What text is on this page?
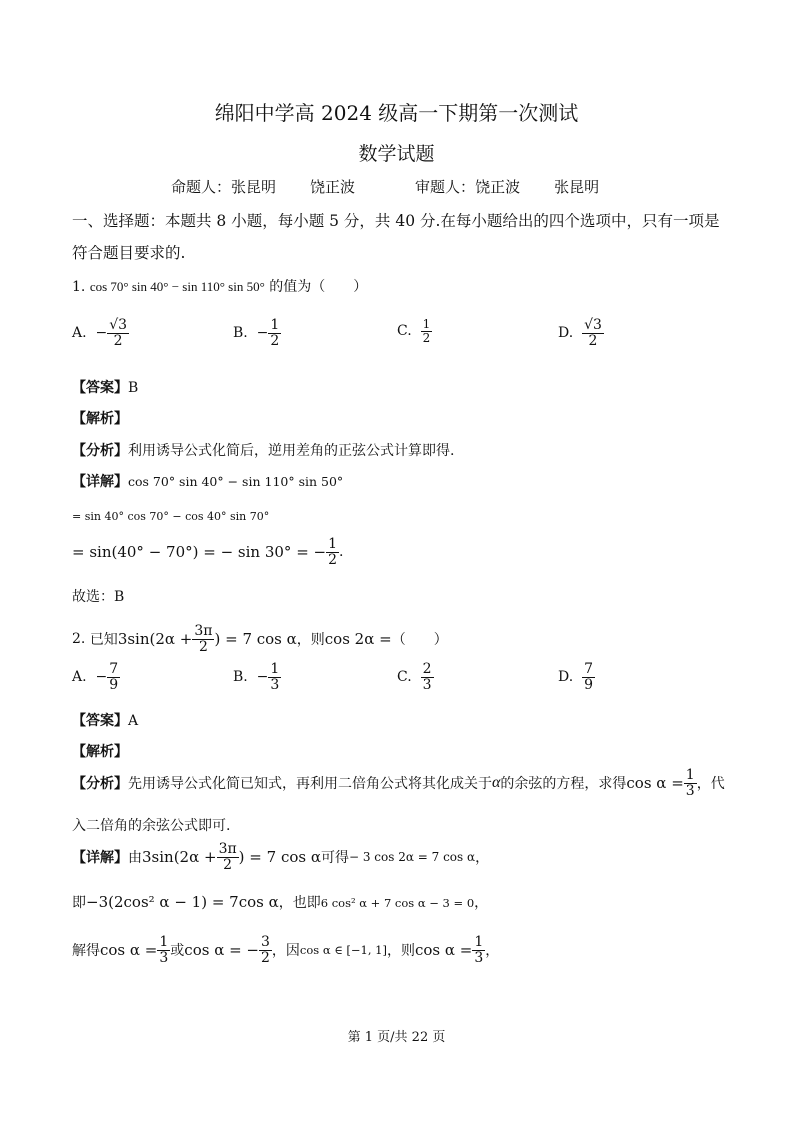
绵阳中学高 2024 级高一下期第一次测试
数学试题
命题人：张昆明 饶正波	审题人：饶正波 张昆明
一、选择题：本题共 8 小题，每小题 5 分，共 40 分.在每小题给出的四个选项中，只有一项是
符合题目要求的.
1. cos 70° sin 40° − sin 110° sin 50° 的值为（　　）
A.
− $\frac{√3}{2}$	B.
− $\frac{1}{2}$	C.
$\frac{1}{2}$	D.
$\frac{√3}{2}$
【答案】B
【解析】
【分析】利用诱导公式化简后，逆用差角的正弦公式计算即得.
【详解】cos 70° sin 40° − sin 110° sin 50°
= sin 40° cos 70° − cos 40° sin 70°
= sin(40° − 70°) = − sin 30° = − $\frac{1}{2}$ .
故选：B
2.
已知 $3\sin(2\alpha + \frac{3\pi}{2}$ ) = 7 cos α ，则 cos 2α = （　　）
A.
− $\frac{7}{9}$	B.
− $\frac{1}{3}$	C.
$\frac{2}{3}$	D.
$\frac{7}{9}$
【答案】A
【解析】
【分析】 先用诱导公式化简已知式，再利用二倍角公式将其化成关于 α 的余弦的方程，求得 $\cos \alpha = \frac{1}{3}$ ，代
入二倍角的余弦公式即可.
【详解】 由 $3\sin(2\alpha + \frac{3\pi}{2}$ ) = 7 cos α 可得 − 3 cos 2α = 7 cos α ，
即−3(2cos² α − 1) = 7cos α，也即6 cos² α + 7 cos α − 3 = 0，
解得 $\cos \alpha = \frac{1}{3}$ 或 cos α = − $\frac{3}{2}$ ，因 cos α ∈ [−1, 1] ，则 $\cos \alpha = \frac{1}{3}$ ，
第 1 页/共 22 页
